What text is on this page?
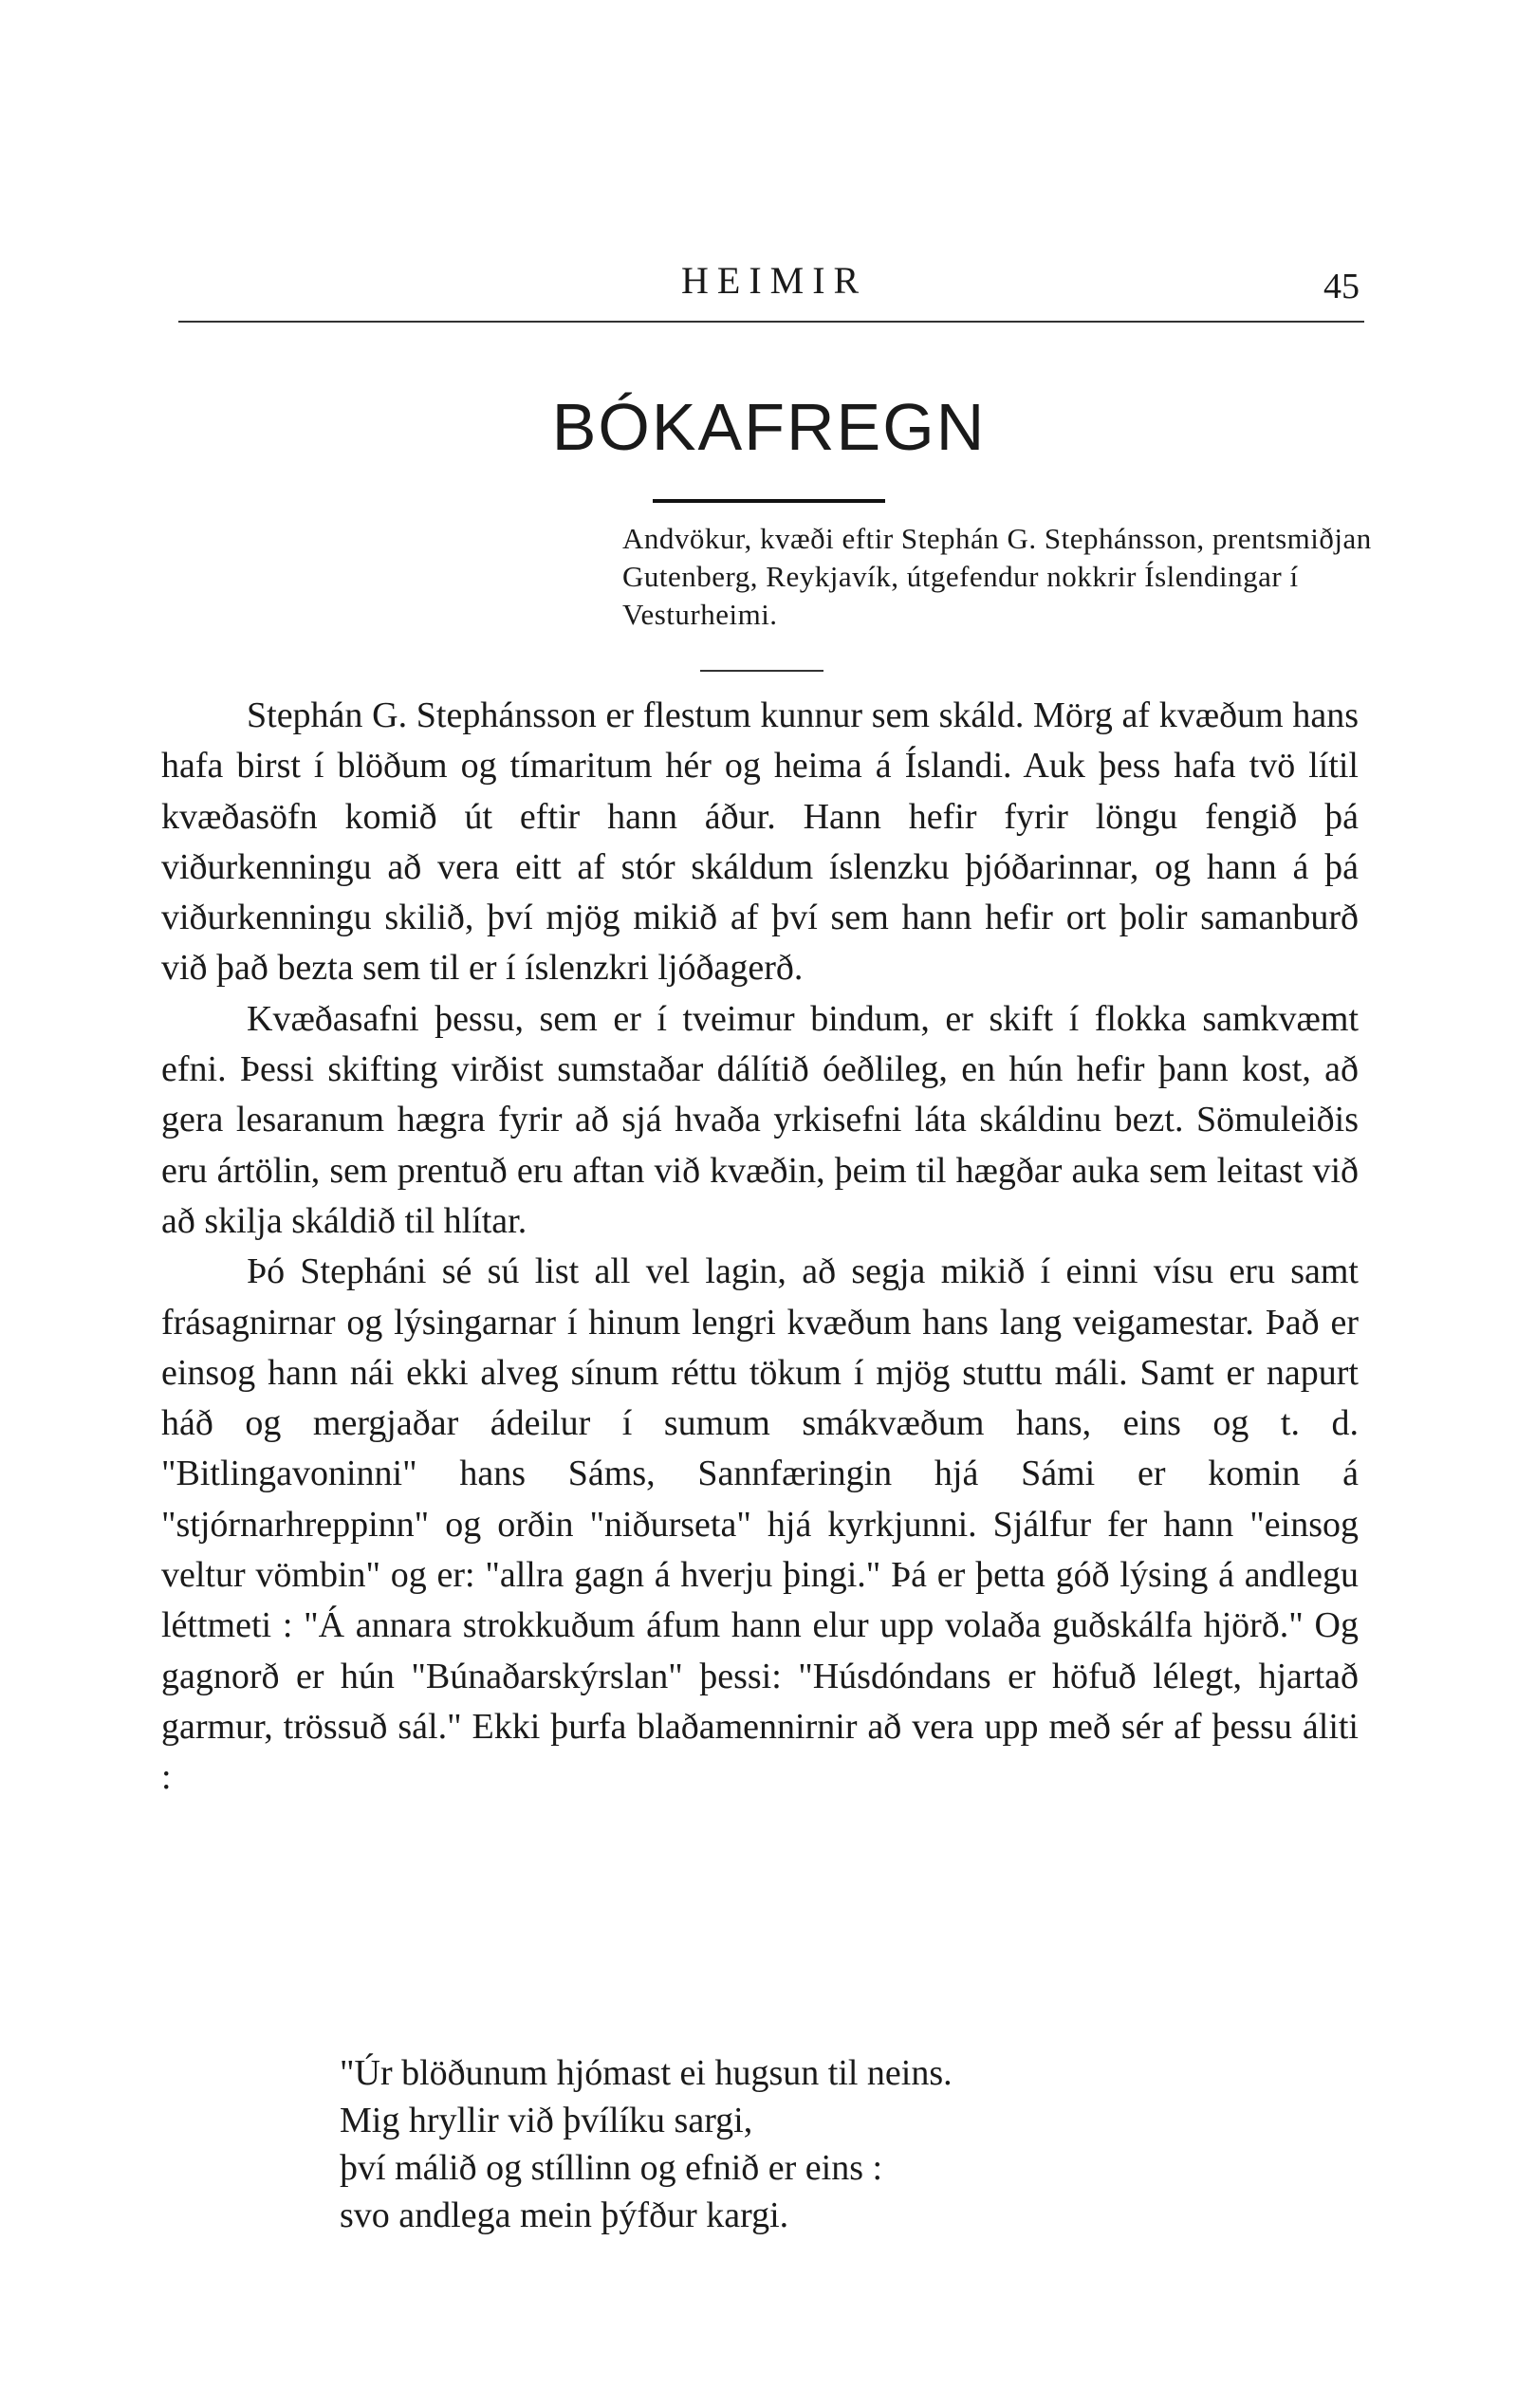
HEIMIR	45
BÓKAFREGN
Andvökur, kvæði eftir Stephán G. Stephánsson, prentsmiðjan Gutenberg, Reykjavík, útgefendur nokkrir Íslendingar í Vesturheimi.

Stephán G. Stephánsson er flestum kunnur sem skáld. Mörg af kvæðum hans hafa birst í blöðum og tímaritum hér og heima á Íslandi. Auk þess hafa tvö lítil kvæðasöfn komið út eftir hann áður. Hann hefir fyrir löngu fengið þá viðurkenningu að vera eitt af stór skáldum íslenzku þjóðarinnar, og hann á þá viðurkenningu skilið, því mjög mikið af því sem hann hefir ort þolir samanburð við það bezta sem til er í íslenzkri ljóðagerð.

Kvæðasafni þessu, sem er í tveimur bindum, er skift í flokka samkvæmt efni. Þessi skifting virðist sumstaðar dálítið óeðlileg, en hún hefir þann kost, að gera lesaranum hægra fyrir að sjá hvaða yrkisefni láta skáldinu bezt. Sömuleiðis eru ártölin, sem prentuð eru aftan við kvæðin, þeim til hægðar auka sem leitast við að skilja skáldið til hlítar.

Þó Stepháni sé sú list all vel lagin, að segja mikið í einni vísu eru samt frásagnirnar og lýsingarnar í hinum lengri kvæðum hans lang veigamestar. Það er einsog hann nái ekki alveg sínum réttu tökum í mjög stuttu máli. Samt er napurt háð og mergjaðar ádeilur í sumum smákvæðum hans, eins og t. d. "Bitlingavoninni" hans Sáms, Sannfæringin hjá Sámi er komin á "stjórnarhreppinn" og orðin "niðurseta" hjá kyrkjunni. Sjálfur fer hann "einsog veltur vömbin" og er: "allra gagn á hverju þingi." Þá er þetta góð lýsing á andlegu léttmeti : "Á annara strokkuðum áfum hann elur upp volaða guðskálfa hjörð." Og gagnorð er hún "Búnaðarskýrslan" þessi: "Húsdóndans er höfuð lélegt, hjartað garmur, trössuð sál." Ekki þurfa blaðamennirnir að vera upp með sér af þessu áliti :

"Úr blöðunum hjómast ei hugsun til neins.
Mig hryllir við þvílíku sargi,
því málið og stíllinn og efnið er eins :
svo andlega mein þýfður kargi.
